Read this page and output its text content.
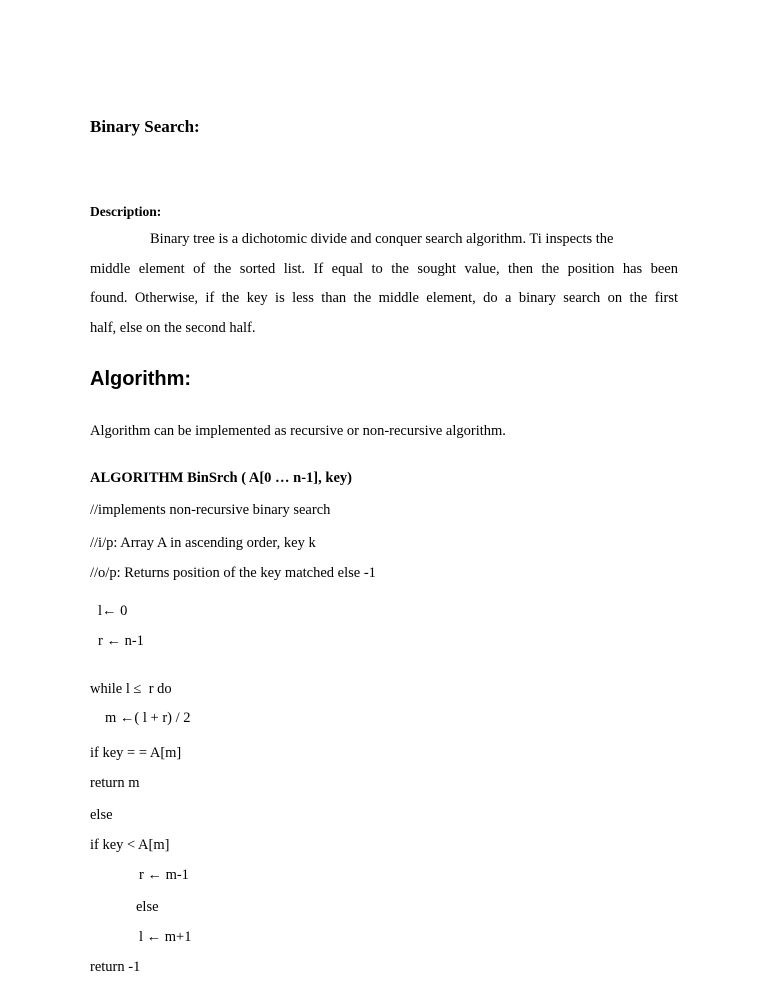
Binary Search:
Description:
Binary tree is a dichotomic divide and conquer search algorithm. Ti inspects the
middle element of the sorted list. If equal to the sought value, then the position has been
found. Otherwise, if the key is less than the middle element, do a binary search on the first
half, else on the second half.
Algorithm:
Algorithm can be implemented as recursive or non-recursive algorithm.
ALGORITHM BinSrch ( A[0 … n-1], key)
//implements non-recursive binary search
//i/p: Array A in ascending order, key k
//o/p: Returns position of the key matched else -1
l← 0
r ← n-1
while l ≤  r do
m ←( l + r) / 2
if key = = A[m]
return m
else
if key < A[m]
r ← m-1
else
l ← m+1
return -1
